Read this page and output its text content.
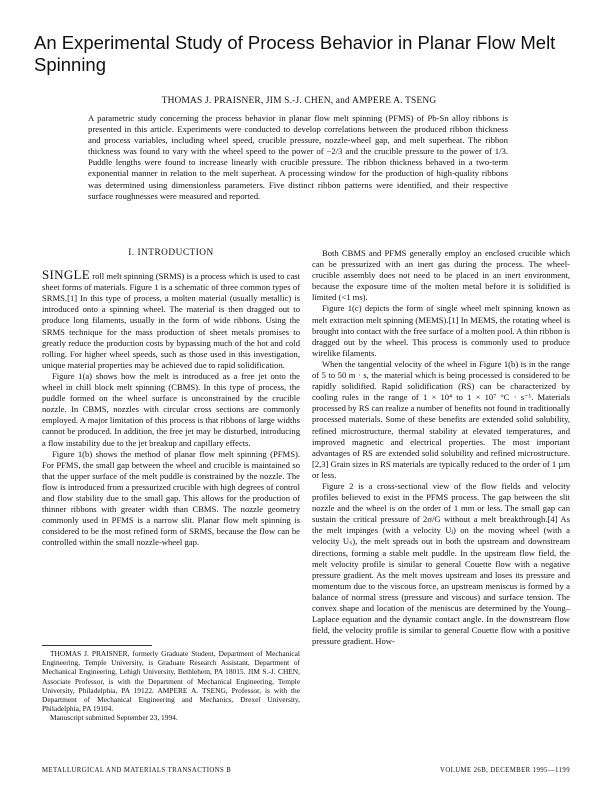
An Experimental Study of Process Behavior in Planar Flow Melt Spinning
THOMAS J. PRAISNER, JIM S.-J. CHEN, and AMPERE A. TSENG

A parametric study concerning the process behavior in planar flow melt spinning (PFMS) of Pb-Sn alloy ribbons is presented in this article. Experiments were conducted to develop correlations between the produced ribbon thickness and process variables, including wheel speed, crucible pressure, nozzle-wheel gap, and melt superheat. The ribbon thickness was found to vary with the wheel speed to the power of −2/3 and the crucible pressure to the power of 1/3. Puddle lengths were found to increase linearly with crucible pressure. The ribbon thickness behaved in a two-term exponential manner in relation to the melt superheat. A processing window for the production of high-quality ribbons was determined using dimensionless parameters. Five distinct ribbon patterns were identified, and their respective surface roughnesses were measured and reported.

I. INTRODUCTION

SINGLE roll melt spinning (SRMS) is a process which is used to cast sheet forms of materials. Figure 1 is a schematic of three common types of SRMS.[1] In this type of process, a molten material (usually metallic) is introduced onto a spinning wheel. The material is then dragged out to produce long filaments, usually in the form of wide ribbons. Using the SRMS technique for the mass production of sheet metals promises to greatly reduce the production costs by bypassing much of the hot and cold rolling. For higher wheel speeds, such as those used in this investigation, unique material properties may be achieved due to rapid solidification.

Figure 1(a) shows how the melt is introduced as a free jet onto the wheel in chill block melt spinning (CBMS). In this type of process, the puddle formed on the wheel surface is unconstrained by the crucible nozzle. In CBMS, nozzles with circular cross sections are commonly employed. A major limitation of this process is that ribbons of large widths cannot be produced. In addition, the free jet may be disturbed, introducing a flow instability due to the jet breakup and capillary effects.

Figure 1(b) shows the method of planar flow melt spinning (PFMS). For PFMS, the small gap between the wheel and crucible is maintained so that the upper surface of the melt puddle is constrained by the nozzle. The flow is introduced from a pressurized crucible with high degrees of control and flow stability due to the small gap. This allows for the production of thinner ribbons with greater width than CBMS. The nozzle geometry commonly used in PFMS is a narrow slit. Planar flow melt spinning is considered to be the most refined form of SRMS, because the flow can be controlled within the small nozzle-wheel gap.

Both CBMS and PFMS generally employ an enclosed crucible which can be pressurized with an inert gas during the process. The wheel-crucible assembly does not need to be placed in an inert environment, because the exposure time of the molten metal before it is solidified is limited (<1 ms).

Figure 1(c) depicts the form of single wheel melt spinning known as melt extraction melt spinning (MEMS).[1] In MEMS, the rotating wheel is brought into contact with the free surface of a molten pool. A thin ribbon is dragged out by the wheel. This process is commonly used to produce wirelike filaments.

When the tangential velocity of the wheel in Figure 1(b) is in the range of 5 to 50 m · s, the material which is being processed is considered to be rapidly solidified. Rapid solidification (RS) can be characterized by cooling rules in the range of 1 × 10⁴ to 1 × 10⁷ °C · s⁻¹. Materials processed by RS can realize a number of benefits not found in traditionally processed materials. Some of these benefits are extended solid solubility, refined microstructure, thermal stability at elevated temperatures, and improved magnetic and electrical properties. The most important advantages of RS are extended solid solubility and refined microstructure.[2,3] Grain sizes in RS materials are typically reduced to the order of 1 µm or less.

Figure 2 is a cross-sectional view of the flow fields and velocity profiles believed to exist in the PFMS process. The gap between the slit nozzle and the wheel is on the order of 1 mm or less. The small gap can sustain the critical pressure of 2σ/G without a melt breakthrough.[4] As the melt impinges (with a velocity Uⱼ) on the moving wheel (with a velocity Uₛ), the melt spreads out in both the upstream and downstream directions, forming a stable melt puddle. In the upstream flow field, the melt velocity profile is similar to general Couette flow with a negative pressure gradient. As the melt moves upstream and loses its pressure and momentum due to the viscous force, an upstream meniscus is formed by a balance of normal stress (pressure and viscous) and surface tension. The convex shape and location of the meniscus are determined by the Young–Laplace equation and the dynamic contact angle. In the downstream flow field, the velocity profile is similar to general Couette flow with a positive pressure gradient. How-

THOMAS J. PRAISNER, formerly Graduate Student, Department of Mechanical Engineering, Temple University, is Graduate Research Assistant, Department of Mechanical Engineering, Lehigh University, Bethlehem, PA 18015. JIM S.-J. CHEN, Associate Professor, is with the Department of Mechanical Engineering, Temple University, Philadelphia, PA 19122. AMPERE A. TSENG, Professor, is with the Department of Mechanical Engineering and Mechanics, Drexel University, Philadelphia, PA 19104.

Manuscript submitted September 23, 1994.

METALLURGICAL AND MATERIALS TRANSACTIONS B	VOLUME 26B, DECEMBER 1995—1199
